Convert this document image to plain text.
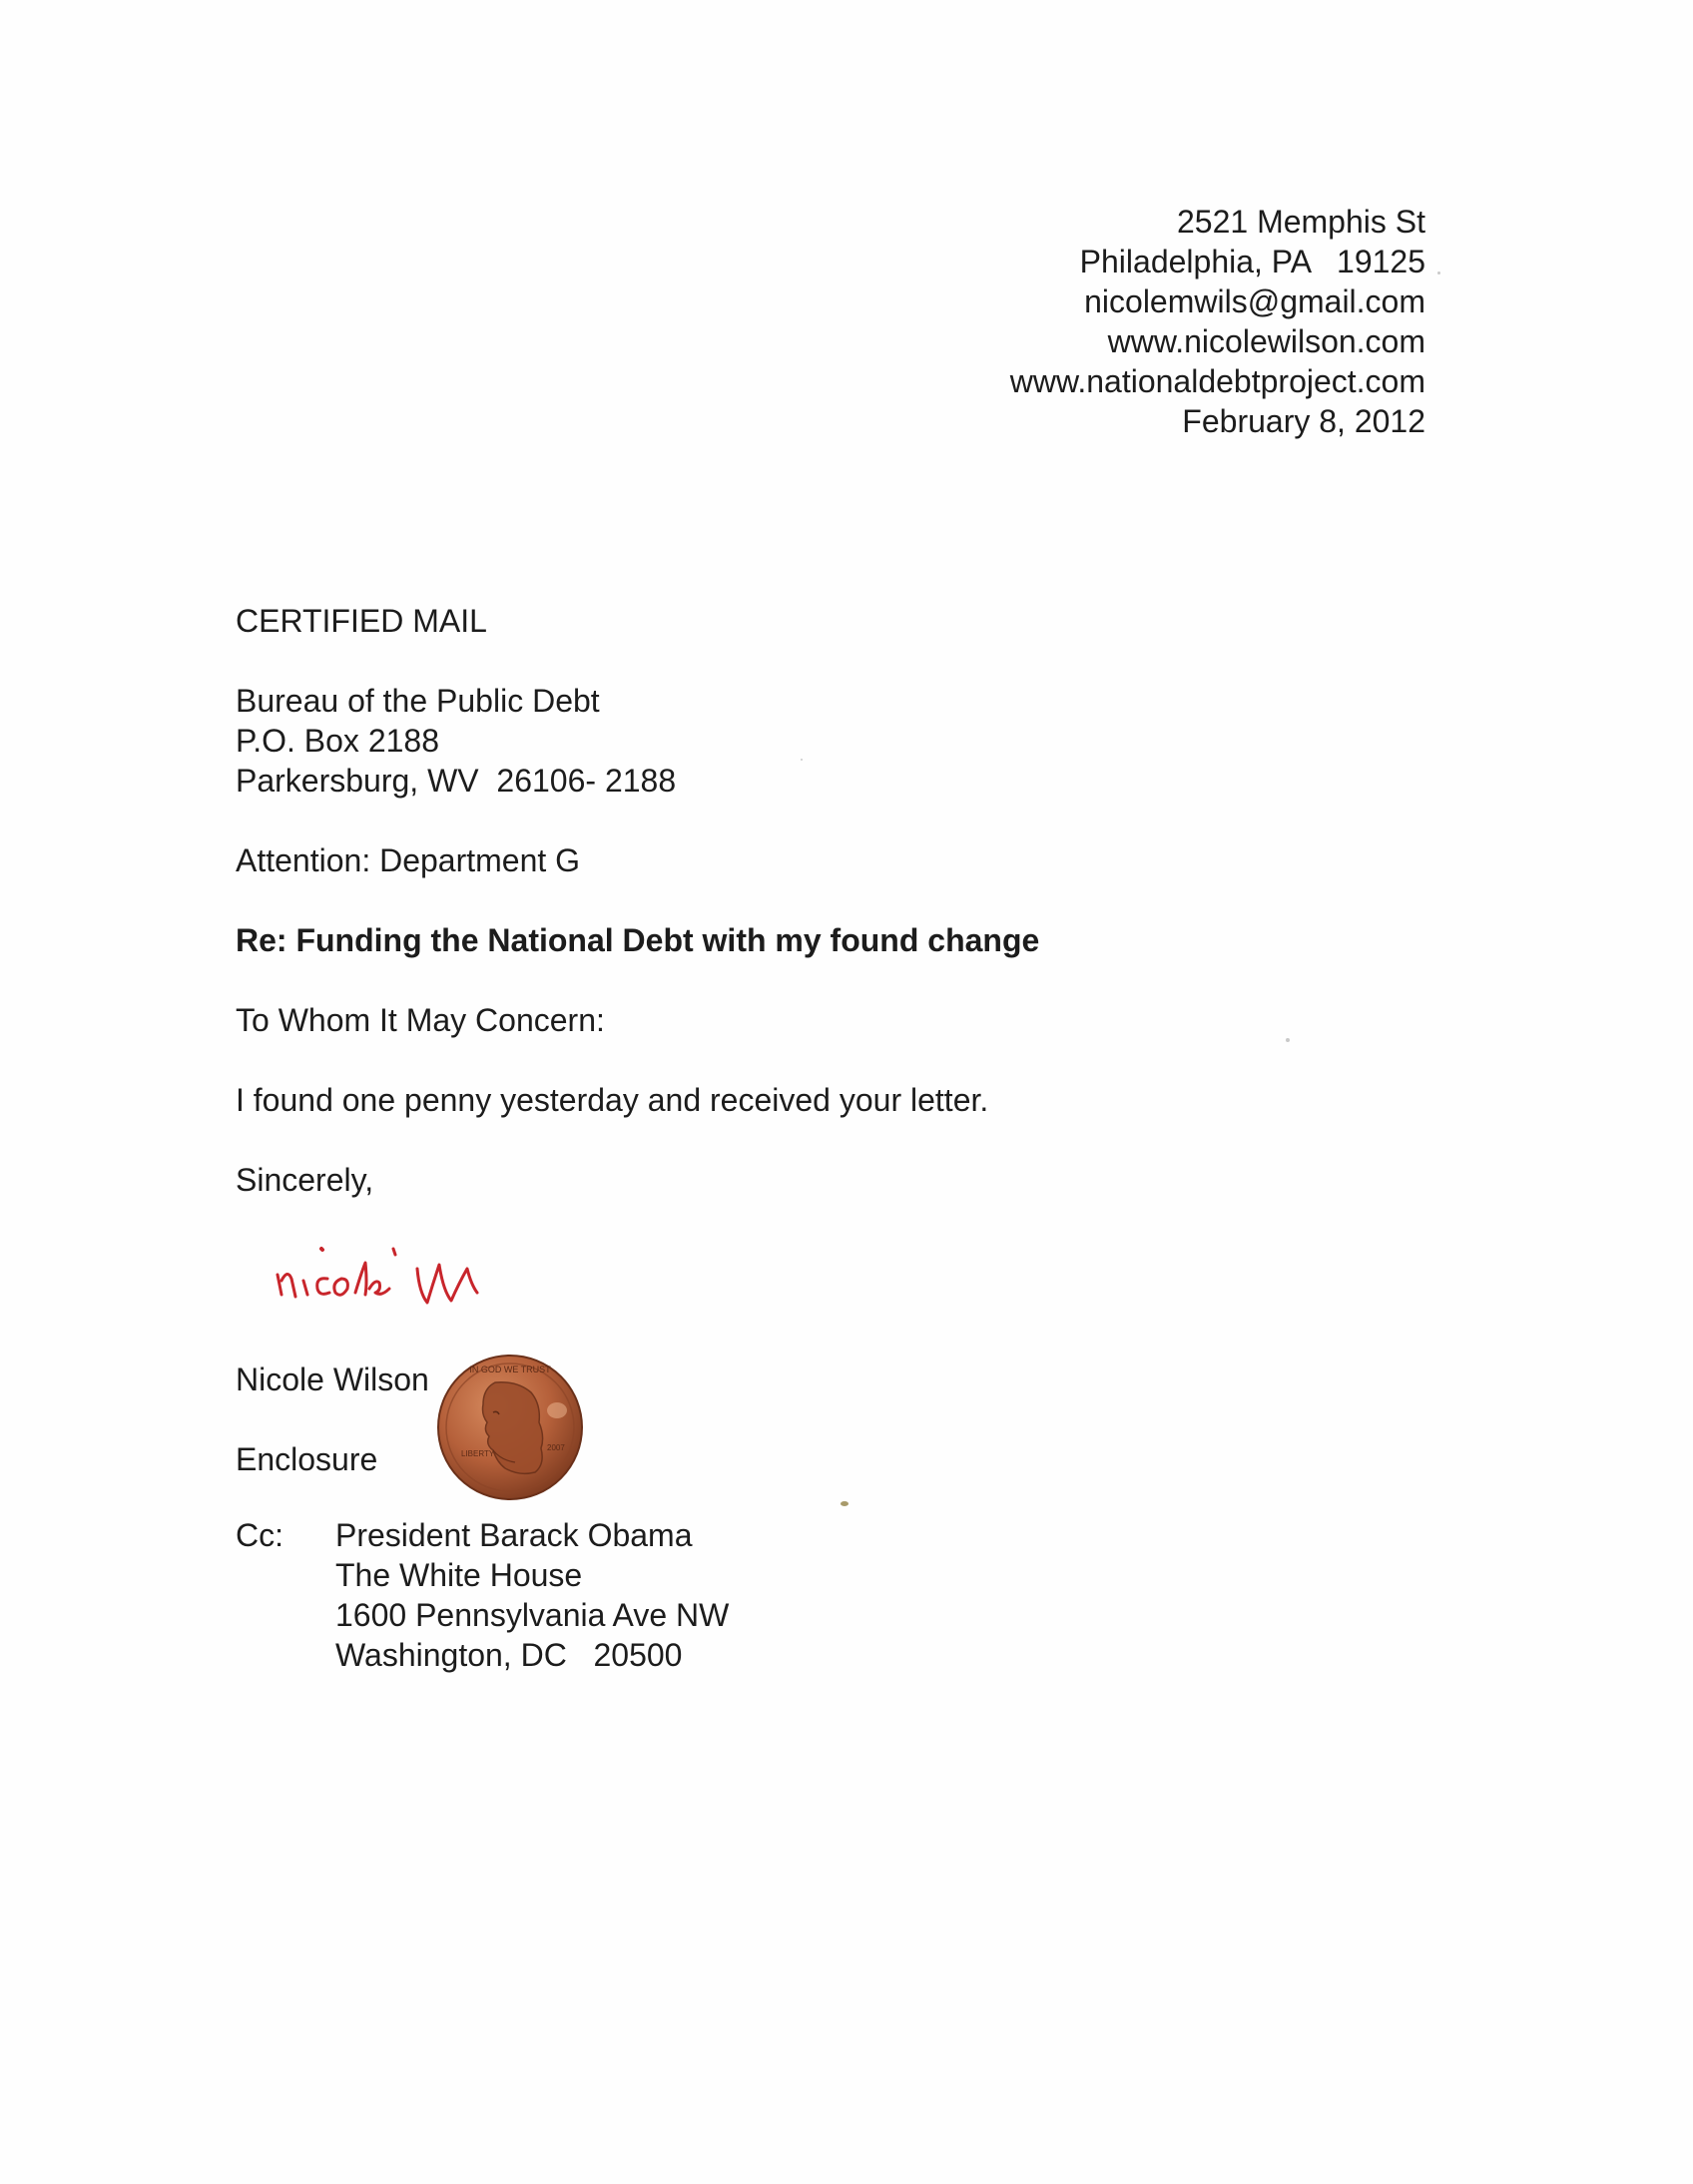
2521 Memphis St
Philadelphia, PA   19125
nicolemwils@gmail.com
www.nicolewilson.com
www.nationaldebtproject.com
February 8, 2012
CERTIFIED MAIL
Bureau of the Public Debt
P.O. Box 2188
Parkersburg, WV  26106- 2188
Attention: Department G
Re: Funding the National Debt with my found change
To Whom It May Concern:
I found one penny yesterday and received your letter.
Sincerely,
Nicole Wilson
Enclosure
IN GOD WE TRUST
LIBERTY
2007
Cc: President Barack Obama
The White House
1600 Pennsylvania Ave NW
Washington, DC   20500
